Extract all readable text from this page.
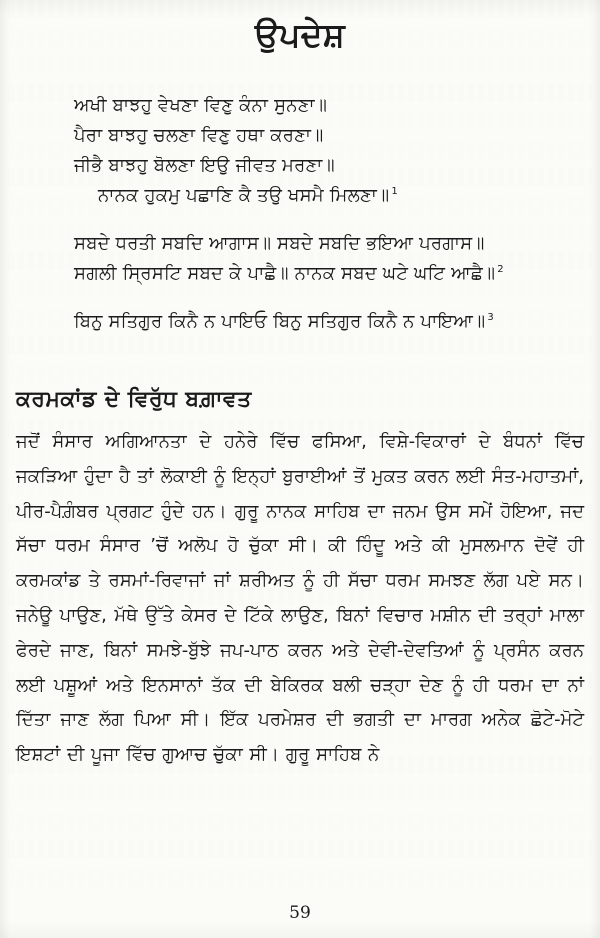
ਉਪਦੇਸ਼
ਅਖੀ ਬਾਝਹੁ ਵੇਖਣਾ ਵਿਣੁ ਕੰਨਾ ਸੁਨਣਾ॥
ਪੈਰਾ ਬਾਝਹੁ ਚਲਣਾ ਵਿਣੁ ਹਥਾ ਕਰਣਾ॥
ਜੀਭੈ ਬਾਝਹੁ ਬੋਲਣਾ ਇਉ ਜੀਵਤ ਮਰਣਾ॥
ਨਾਨਕ ਹੁਕਮੁ ਪਛਾਣਿ ਕੈ ਤਉ ਖਸਮੈ ਮਿਲਣਾ॥ $^1$
ਸਬਦੇ ਧਰਤੀ ਸਬਦਿ ਆਗਾਸ॥ ਸਬਦੇ ਸਬਦਿ ਭਇਆ ਪਰਗਾਸ॥
ਸਗਲੀ ਸ੍ਰਿਸਟਿ ਸਬਦ ਕੇ ਪਾਛੈ॥ ਨਾਨਕ ਸਬਦ ਘਟੇ ਘਟਿ ਆਛੈ॥ $^2$
ਬਿਨੁ ਸਤਿਗੁਰ ਕਿਨੈ ਨ ਪਾਇਓ ਬਿਨੁ ਸਤਿਗੁਰ ਕਿਨੈ ਨ ਪਾਇਆ॥ $^3$
ਕਰਮਕਾਂਡ ਦੇ ਵਿਰੁੱਧ ਬਗ਼ਾਵਤ

ਜਦੋਂ ਸੰਸਾਰ ਅਗਿਆਨਤਾ ਦੇ ਹਨੇਰੇ ਵਿੱਚ ਫਸਿਆ, ਵਿਸ਼ੇ-ਵਿਕਾਰਾਂ ਦੇ ਬੰਧਨਾਂ ਵਿੱਚ ਜਕੜਿਆ ਹੁੰਦਾ ਹੈ ਤਾਂ ਲੋਕਾਈ ਨੂੰ ਇਨ੍ਹਾਂ ਬੁਰਾਈਆਂ ਤੋਂ ਮੁਕਤ ਕਰਨ ਲਈ ਸੰਤ-ਮਹਾਤਮਾਂ, ਪੀਰ-ਪੈਗ਼ੰਬਰ ਪ੍ਰਗਟ ਹੁੰਦੇ ਹਨ। ਗੁਰੂ ਨਾਨਕ ਸਾਹਿਬ ਦਾ ਜਨਮ ਉਸ ਸਮੇਂ ਹੋਇਆ, ਜਦ ਸੱਚਾ ਧਰਮ ਸੰਸਾਰ ’ਚੋਂ ਅਲੋਪ ਹੋ ਚੁੱਕਾ ਸੀ। ਕੀ ਹਿੰਦੂ ਅਤੇ ਕੀ ਮੁਸਲਮਾਨ ਦੋਵੇਂ ਹੀ ਕਰਮਕਾਂਡ ਤੇ ਰਸਮਾਂ-ਰਿਵਾਜਾਂ ਜਾਂ ਸ਼ਰੀਅਤ ਨੂੰ ਹੀ ਸੱਚਾ ਧਰਮ ਸਮਝਣ ਲੱਗ ਪਏ ਸਨ। ਜਨੇਊ ਪਾਉਣ, ਮੱਥੇ ਉੱਤੇ ਕੇਸਰ ਦੇ ਟਿੱਕੇ ਲਾਉਣ, ਬਿਨਾਂ ਵਿਚਾਰ ਮਸ਼ੀਨ ਦੀ ਤਰ੍ਹਾਂ ਮਾਲਾ ਫੇਰਦੇ ਜਾਣ, ਬਿਨਾਂ ਸਮਝੇ-ਬੁੱਝੇ ਜਪ-ਪਾਠ ਕਰਨ ਅਤੇ ਦੇਵੀ-ਦੇਵਤਿਆਂ ਨੂੰ ਪ੍ਰਸੰਨ ਕਰਨ ਲਈ ਪਸ਼ੂਆਂ ਅਤੇ ਇਨਸਾਨਾਂ ਤੱਕ ਦੀ ਬੇਕਿਰਕ ਬਲੀ ਚੜ੍ਹਾ ਦੇਣ ਨੂੰ ਹੀ ਧਰਮ ਦਾ ਨਾਂ ਦਿੱਤਾ ਜਾਣ ਲੱਗ ਪਿਆ ਸੀ। ਇੱਕ ਪਰਮੇਸ਼ਰ ਦੀ ਭਗਤੀ ਦਾ ਮਾਰਗ ਅਨੇਕ ਛੋਟੇ-ਮੋਟੇ ਇਸ਼ਟਾਂ ਦੀ ਪੂਜਾ ਵਿੱਚ ਗੁਆਚ ਚੁੱਕਾ ਸੀ। ਗੁਰੂ ਸਾਹਿਬ ਨੇ

59
